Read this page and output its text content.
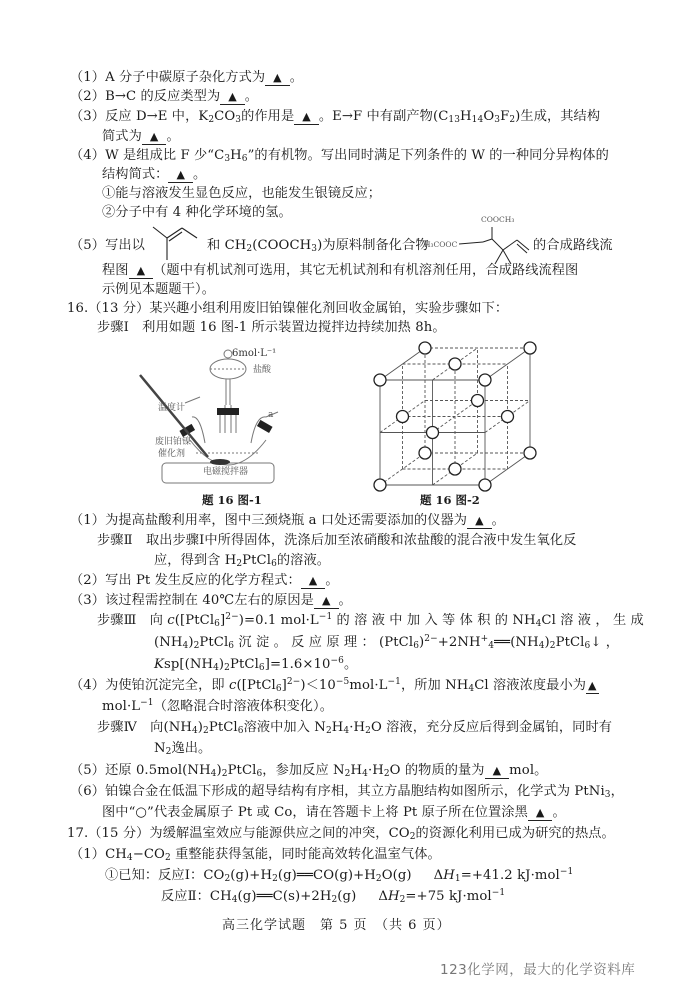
（1）A 分子中碳原子杂化方式为 ▲ 。
（2）B→C 的反应类型为 ▲ 。
（3）反应 D→E 中，$K_2CO_3$的作用是 ▲ 。E→F 中有副产物$(C_{13}H_{14}O_3F_2)$生成，其结构
简式为 ▲ 。
（4）W 是组成比 F 少“$C_3H_6$”的有机物。写出同时满足下列条件的 W 的一种同分异构体的
结构简式： ▲ 。
①能与溶液发生显色反应，也能发生银镜反应；
②分子中有 4 种化学环境的氢。
（5）写出以	和 $CH_2(COOCH_3)$为原料制备化合物
H₃COOC
COOCH₃
的合成路线流
程图 ▲ （题中有机试剂可选用，其它无机试剂和有机溶剂任用，合成路线流程图
示例见本题题干）。
16.（13 分）某兴趣小组利用废旧铂镍催化剂回收金属铂，实验步骤如下：
步骤Ⅰ　利用如题 16 图-1 所示装置边搅拌边持续加热 8h。
6mol·L⁻¹
盐酸
温度计
a
废旧铂镍
催化剂
电磁搅拌器
题 16 图-1	题 16 图-2
（1）为提高盐酸利用率，图中三颈烧瓶 a 口处还需要添加的仪器为 ▲ 。
步骤Ⅱ　 取出步骤Ⅰ中所得固体，洗涤后加至浓硝酸和浓盐酸的混合液中发生氧化反
应，得到含 $H_2PtCl_6$的溶液。
（2）写出 Pt 发生反应的化学方程式： ▲ 。
（3）该过程需控制在 40℃左右的原因是 ▲ 。
步骤Ⅲ　 向 c([PtCl$_6$]$^{2-}$)=0.1 $mol\cdot L^{-1}$ 的 溶 液 中 加 入 等 体 积 的 $NH_4Cl$ 溶 液 ， 生 成
$(NH_4)_2PtCl_6$ 沉 淀 。 反 应 原 理 ： $(PtCl_6)^{2-}+2NH^+_4══(NH_4)_2PtCl_6↓$ ，
$Ksp[(NH_4)_2PtCl_6]=1.6\times 10^{-6}$。
（4）为使铂沉淀完全，即 $c([PtCl_6]^{2-})<10^{-5}mol\cdot L^{-1}$，所加 $NH_4Cl$ 溶液浓度最小为 ▲
$mol\cdot L^{-1}$（忽略混合时溶液体积变化）。
步骤Ⅳ　 向$(NH_4)_2PtCl_6$溶液中加入 $N_2H_4\cdot H_2O$ 溶液，充分反应后得到金属铂，同时有
$N_2$逸出。
（5）还原 $0.5mol(NH_4)_2PtCl_6$，参加反应 $N_2H_4\cdot H_2O$ 的物质的量为 ▲ mol。
（6）铂镍合金在低温下形成的超导结构有序相，其立方晶胞结构如图所示，化学式为 PtNi$_3$，
图中“○”代表金属原子 Pt 或 Co，请在答题卡上将 Pt 原子所在位置涂黑 ▲ 。
17.（15 分）为缓解温室效应与能源供应之间的冲突，$CO_2$的资源化利用已成为研究的热点。
$(1)CH_4-CO_2$ 重整能获得氢能，同时能高效转化温室气体。
①已知：反应Ⅰ：$CO_2(g)+H_2(g)══CO(g)+H_2O(g)$ $\Delta H_1=+41.2$ kJ·mol$^{-1}$
反应Ⅱ：$CH_4(g)══C(s)+2H_2(g)$ $\Delta H_2=+75$ kJ·mol$^{-1}$
高三化学试题　第 5 页　（共 6 页）
123化学网，最大的化学资料库
